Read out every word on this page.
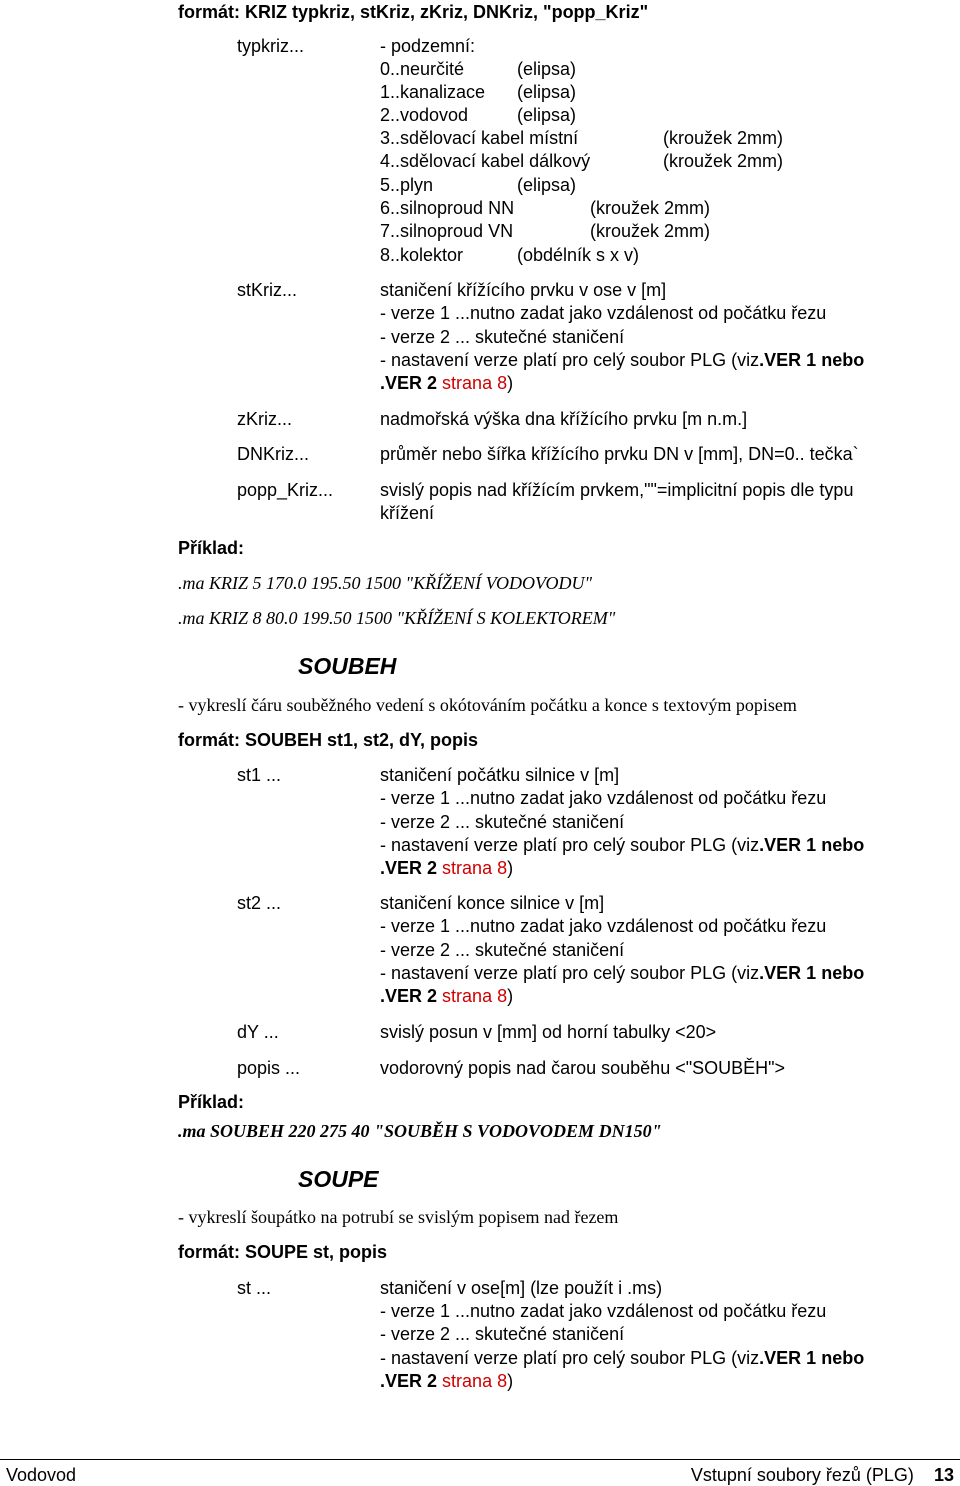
formát: KRIZ typkriz, stKriz, zKriz, DNKriz, "popp_Kriz"
typkriz...	- podzemní:
0..neurčité	(elipsa)
1..kanalizace (elipsa)
2..vodovod	(elipsa)
3..sdělovací kabel místní	(kroužek 2mm)
4..sdělovací kabel dálkový	(kroužek 2mm)
5..plyn	(elipsa)
6..silnoproud NN	(kroužek 2mm)
7..silnoproud VN	(kroužek 2mm)
8..kolektor	(obdélník s x v)
stKriz...	staničení křížícího prvku v ose v [m]
- verze 1 ...nutno zadat jako vzdálenost od počátku řezu
- verze 2 ... skutečné staničení
- nastavení verze platí pro celý soubor PLG (viz.VER 1 nebo
.VER 2 strana 8)
zKriz...	nadmořská výška dna křížícího prvku [m n.m.]
DNKriz...	průměr nebo šířka křížícího prvku DN v [mm], DN=0.. tečka`
popp_Kriz...	svislý popis nad křížícím prvkem,""=implicitní popis dle typu
křížení
Příklad:
.ma KRIZ 5 170.0 195.50 1500 "KŘÍŽENÍ VODOVODU"
.ma KRIZ 8 80.0 199.50 1500 "KŘÍŽENÍ S KOLEKTOREM"
SOUBEH
- vykreslí čáru souběžného vedení s okótováním počátku a konce s textovým popisem
formát: SOUBEH st1, st2, dY, popis
st1 ...	staničení počátku silnice v [m]
- verze 1 ...nutno zadat jako vzdálenost od počátku řezu
- verze 2 ... skutečné staničení
- nastavení verze platí pro celý soubor PLG (viz.VER 1 nebo
.VER 2 strana 8)
st2 ...	staničení konce silnice v [m]
- verze 1 ...nutno zadat jako vzdálenost od počátku řezu
- verze 2 ... skutečné staničení
- nastavení verze platí pro celý soubor PLG (viz.VER 1 nebo
.VER 2 strana 8)
dY ...	svislý posun v [mm] od horní tabulky <20>
popis ...	vodorovný popis nad čarou souběhu <"SOUBĚH">
Příklad:
.ma SOUBEH 220 275 40 "SOUBĚH S VODOVODEM DN150"
SOUPE
- vykreslí šoupátko na potrubí se svislým popisem nad řezem
formát: SOUPE st, popis
st ...	staničení v ose[m] (lze použít i .ms)
- verze 1 ...nutno zadat jako vzdálenost od počátku řezu
- verze 2 ... skutečné staničení
- nastavení verze platí pro celý soubor PLG (viz.VER 1 nebo
.VER 2 strana 8)
Vodovod	Vstupní soubory řezů (PLG) 13
